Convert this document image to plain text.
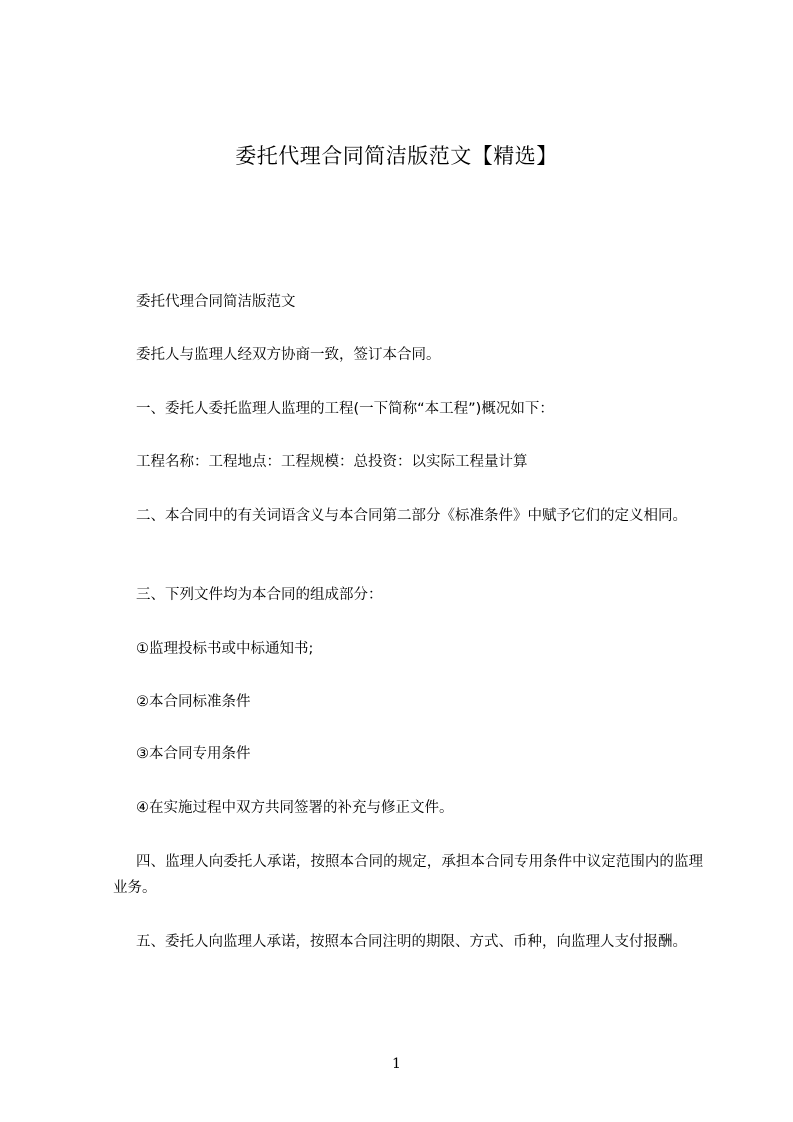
委托代理合同简洁版范文【精选】
委托代理合同简洁版范文
委托人与监理人经双方协商一致，签订本合同。
一、委托人委托监理人监理的工程(一下简称“本工程”)概况如下：
工程名称：工程地点：工程规模：总投资：以实际工程量计算
二、本合同中的有关词语含义与本合同第二部分《标准条件》中赋予它们的定义相同。
三、下列文件均为本合同的组成部分：
①监理投标书或中标通知书;
②本合同标准条件
③本合同专用条件
④在实施过程中双方共同签署的补充与修正文件。
四、监理人向委托人承诺，按照本合同的规定，承担本合同专用条件中议定范围内的监理业务。
五、委托人向监理人承诺，按照本合同注明的期限、方式、币种，向监理人支付报酬。
1
